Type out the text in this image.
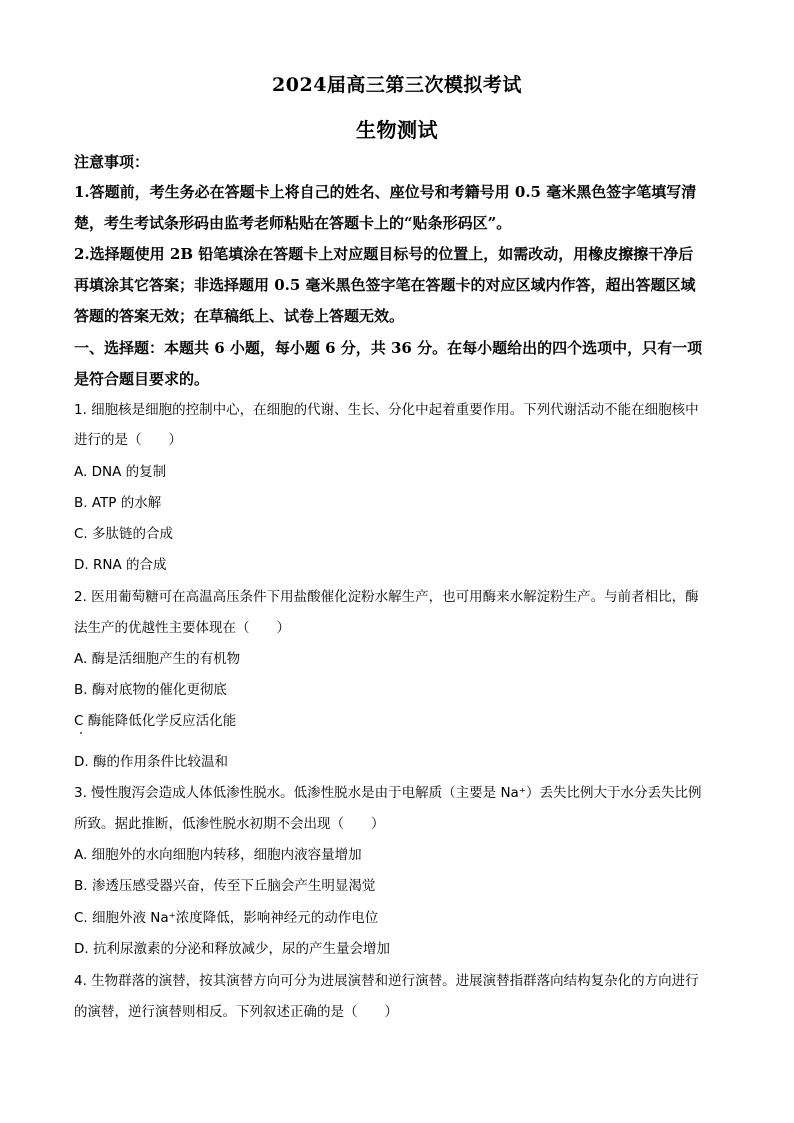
2024届高三第三次模拟考试
生物测试
注意事项：
1.答题前，考生务必在答题卡上将自己的姓名、座位号和考籍号用 0.5 毫米黑色签字笔填写清
楚，考生考试条形码由监考老师粘贴在答题卡上的“贴条形码区”。
2.选择题使用 2B 铅笔填涂在答题卡上对应题目标号的位置上，如需改动，用橡皮擦擦干净后
再填涂其它答案；非选择题用 0.5 毫米黑色签字笔在答题卡的对应区域内作答，超出答题区域
答题的答案无效；在草稿纸上、试卷上答题无效。
一、选择题：本题共 6 小题，每小题 6 分，共 36 分。在每小题给出的四个选项中，只有一项
是符合题目要求的。
1. 细胞核是细胞的控制中心，在细胞的代谢、生长、分化中起着重要作用。下列代谢活动不能在细胞核中
进行的是（　　）
A. DNA 的复制
B. ATP 的水解
C. 多肽链的合成
D. RNA 的合成
2. 医用葡萄糖可在高温高压条件下用盐酸催化淀粉水解生产，也可用酶来水解淀粉生产。与前者相比，酶
法生产的优越性主要体现在（　　）
A. 酶是活细胞产生的有机物
B. 酶对底物的催化更彻底
C 酶能降低化学反应活化能
D. 酶的作用条件比较温和
3. 慢性腹泻会造成人体低渗性脱水。低渗性脱水是由于电解质（主要是 Na⁺）丢失比例大于水分丢失比例
所致。据此推断，低渗性脱水初期不会出现（　　）
A. 细胞外的水向细胞内转移，细胞内液容量增加
B. 渗透压感受器兴奋，传至下丘脑会产生明显渴觉
C. 细胞外液 Na⁺浓度降低，影响神经元的动作电位
D. 抗利尿激素的分泌和释放减少，尿的产生量会增加
4. 生物群落的演替，按其演替方向可分为进展演替和逆行演替。进展演替指群落向结构复杂化的方向进行
的演替，逆行演替则相反。下列叙述正确的是（　　）
